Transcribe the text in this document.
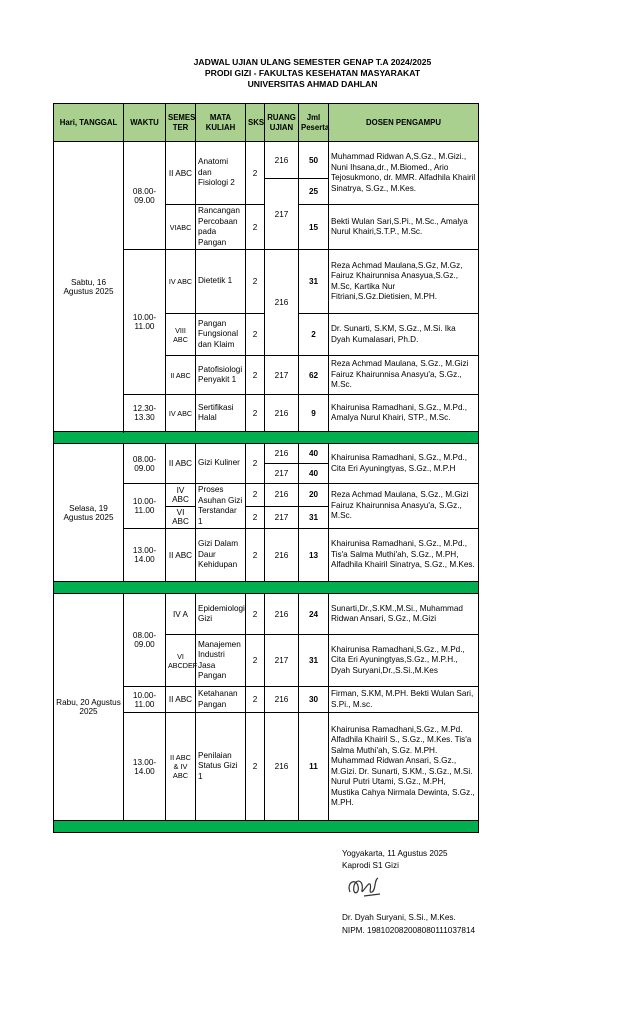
JADWAL UJIAN ULANG SEMESTER GENAP T.A 2024/2025
PRODI GIZI - FAKULTAS KESEHATAN MASYARAKAT
UNIVERSITAS AHMAD DAHLAN
Hari, TANGGAL	WAKTU	SEMES TER	MATA KULIAH	SKS	RUANG UJIAN	Jml Peserta	DOSEN PENGAMPU
Sabtu, 16 Agustus 2025	08.00-09.00	II ABC	Anatomi dan Fisiologi 2	2	216	50	Muhammad Ridwan A,S.Gz., M.Gizi., Nuni Ihsana,dr., M.Biomed., Ario Tejosukmono, dr. MMR. Alfadhila Khairil Sinatrya, S.Gz., M.Kes.
					217	25	
		VIABC	Rancangan Percobaan pada Pangan	2		15	Bekti Wulan Sari,S.Pi., M.Sc., Amalya Nurul Khairi,S.T.P., M.Sc.
	10.00-11.00	IV ABC	Dietetik 1	2	216	31	Reza Achmad Maulana,S.Gz, M.Gz, Fairuz Khairunnisa Anasyua,S.Gz., M.Sc, Kartika Nur Fitriani,S.Gz.Dietisien, M.PH.
		VIII ABC	Pangan Fungsional dan Klaim	2		2	Dr. Sunarti, S.KM, S.Gz., M.Si. Ika Dyah Kumalasari, Ph.D.
		II ABC	Patofisiologi Penyakit 1	2	217	62	Reza Achmad Maulana, S.Gz., M.Gizi Fairuz Khairunnisa Anasyu'a, S.Gz., M.Sc.
	12.30-13.30	IV ABC	Sertifikasi Halal	2	216	9	Khairunisa Ramadhani, S.Gz., M.Pd., Amalya Nurul Khairi, STP., M.Sc.

Selasa, 19 Agustus 2025	08.00-09.00	II ABC	Gizi Kuliner	2	216	40	Khairunisa Ramadhani, S.Gz., M.Pd., Cita Eri Ayuningtyas, S.Gz., M.P.H
					217	40	
	10.00-11.00	IV ABC	Proses Asuhan Gizi Terstandar 1	2	216	20	Reza Achmad Maulana, S.Gz., M.Gizi Fairuz Khairunnisa Anasyu'a, S.Gz., M.Sc.
		VI ABC		2	217	31	
	13.00-14.00	II ABC	Gizi Dalam Daur Kehidupan	2	216	13	Khairunisa Ramadhani, S.Gz., M.Pd., Tis'a Salma Muthi'ah, S.Gz., M.PH, Alfadhila Khairil Sinatrya, S.Gz., M.Kes.

Rabu, 20 Agustus 2025	08.00-09.00	IV A	Epidemiologi Gizi	2	216	24	Sunarti,Dr.,S.KM.,M.Si., Muhammad Ridwan Ansari, S.Gz., M.Gizi
		VI ABCDEF	Manajemen Industri Jasa Pangan	2	217	31	Khairunisa Ramadhani,S.Gz., M.Pd., Cita Eri Ayuningtyas,S.Gz., M.P.H., Dyah Suryani,Dr.,S.Si.,M.Kes
	10.00-11.00	II ABC	Ketahanan Pangan	2	216	30	Firman, S.KM, M.PH. Bekti Wulan Sari, S.Pi., M.sc.
	13.00-14.00	II ABC & IV ABC	Penilaian Status Gizi 1	2	216	11	Khairunisa Ramadhani,S.Gz., M.Pd. Alfadhila Khairil S., S.Gz., M.Kes. Tis'a Salma Muthi'ah, S.Gz. M.PH. Muhammad Ridwan Ansari, S.Gz., M.Gizi. Dr. Sunarti, S.KM., S.Gz., M.Si. Nurul Putri Utami, S.Gz., M.PH, Mustika Cahya Nirmala Dewinta, S.Gz., M.PH.

Yogyakarta, 11 Agustus 2025
Kaprodi S1 Gizi
Dr. Dyah Suryani, S.Si., M.Kes.
NIPM. 19810208200808011103781​4
